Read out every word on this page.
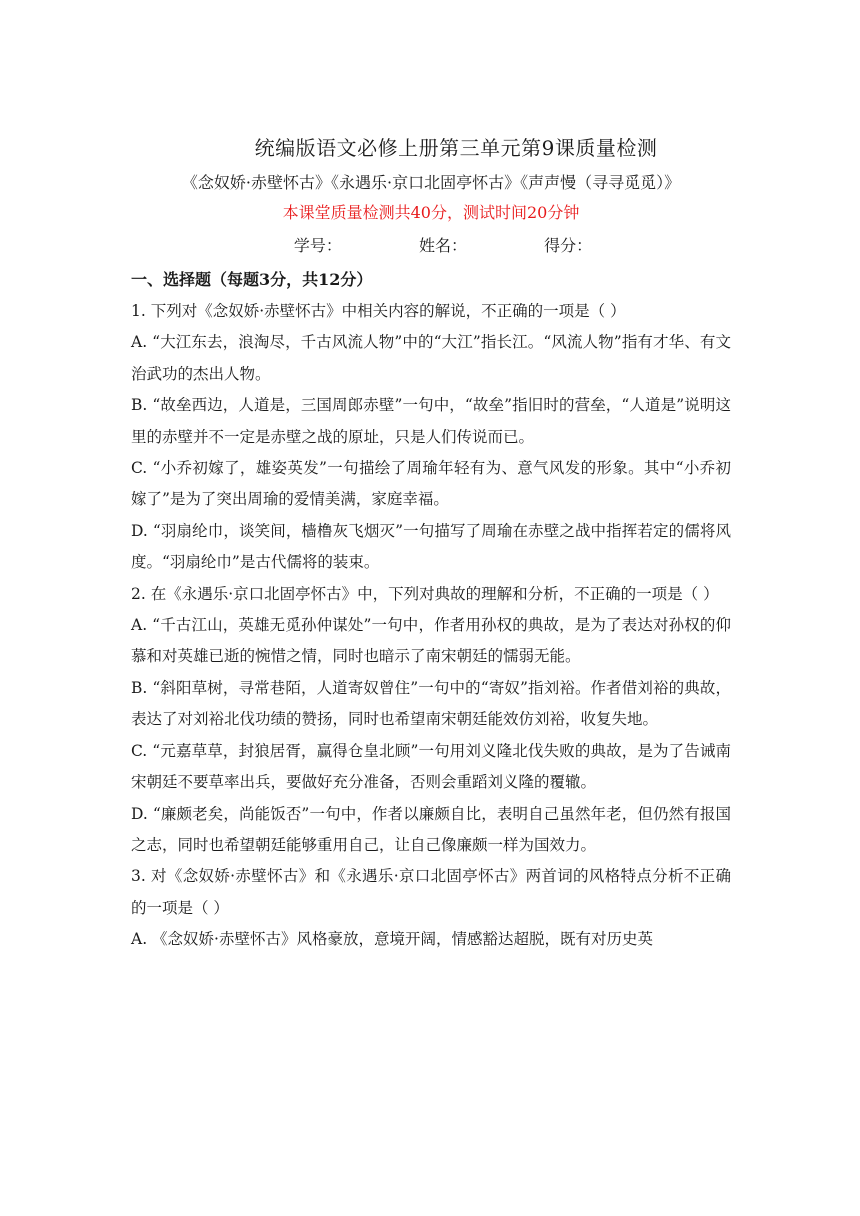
统编版语文必修上册第三单元第9课质量检测
《念奴娇·赤壁怀古》《永遇乐·京口北固亭怀古》《声声慢（寻寻觅觅）》
本课堂质量检测共40分，测试时间20分钟
学号：	姓名：	得分：
一、选择题（每题3分，共12分）

1. 下列对《念奴娇·赤壁怀古》中相关内容的解说，不正确的一项是（ ）

A. “大江东去，浪淘尽，千古风流人物”中的“大江”指长江。“风流人物”指有才华、有文治武功的杰出人物。

B. “故垒西边，人道是，三国周郎赤壁”一句中，“故垒”指旧时的营垒，“人道是”说明这里的赤壁并不一定是赤壁之战的原址，只是人们传说而已。

C. “小乔初嫁了，雄姿英发”一句描绘了周瑜年轻有为、意气风发的形象。其中“小乔初嫁了”是为了突出周瑜的爱情美满，家庭幸福。

D. “羽扇纶巾，谈笑间，樯橹灰飞烟灭”一句描写了周瑜在赤壁之战中指挥若定的儒将风度。“羽扇纶巾”是古代儒将的装束。

2. 在《永遇乐·京口北固亭怀古》中，下列对典故的理解和分析，不正确的一项是（ ）

A. “千古江山，英雄无觅孙仲谋处”一句中，作者用孙权的典故，是为了表达对孙权的仰慕和对英雄已逝的惋惜之情，同时也暗示了南宋朝廷的懦弱无能。

B. “斜阳草树，寻常巷陌，人道寄奴曾住”一句中的“寄奴”指刘裕。作者借刘裕的典故，表达了对刘裕北伐功绩的赞扬，同时也希望南宋朝廷能效仿刘裕，收复失地。

C. “元嘉草草，封狼居胥，赢得仓皇北顾”一句用刘义隆北伐失败的典故，是为了告诫南宋朝廷不要草率出兵，要做好充分准备，否则会重蹈刘义隆的覆辙。

D. “廉颇老矣，尚能饭否”一句中，作者以廉颇自比，表明自己虽然年老，但仍然有报国之志，同时也希望朝廷能够重用自己，让自己像廉颇一样为国效力。

3. 对《念奴娇·赤壁怀古》和《永遇乐·京口北固亭怀古》两首词的风格特点分析不正确的一项是（ ）

A. 《念奴娇·赤壁怀古》风格豪放，意境开阔，情感豁达超脱，既有对历史英
